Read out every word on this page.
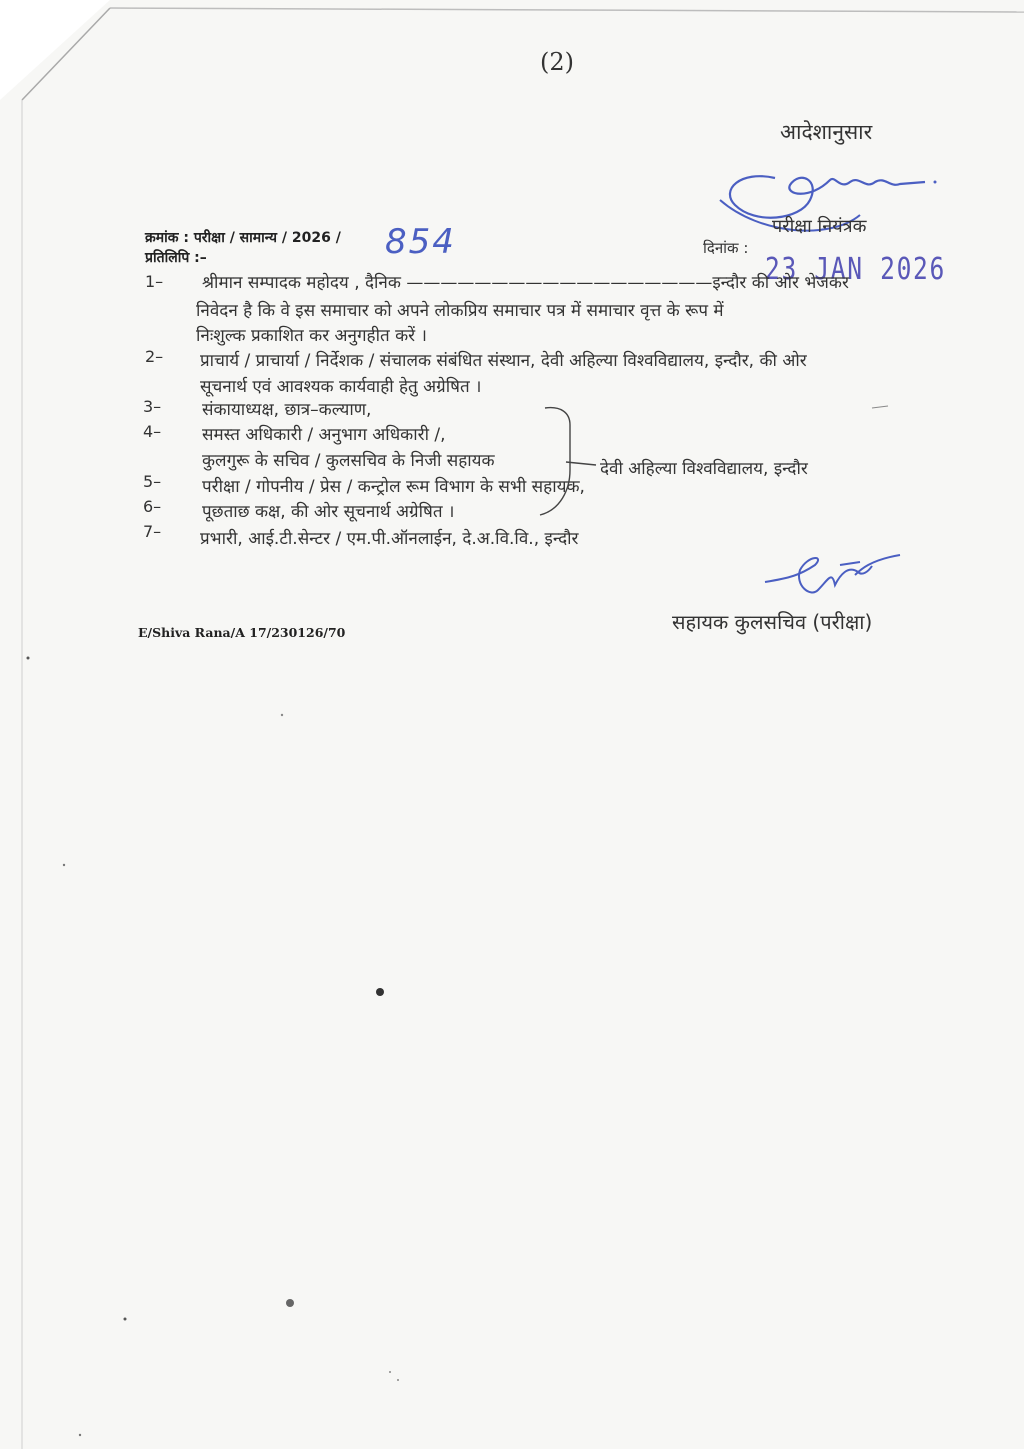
(2)
आदेशानुसार
परीक्षा नियंत्रक
क्रमांक : परीक्षा / सामान्य / 2026 / 854
प्रतिलिपि :–
दिनांक :
23 JAN 2026
1– श्रीमान सम्पादक महोदय , दैनिक ——————————————————इन्दौर की ओर भेजकर
निवेदन है कि वे इस समाचार को अपने लोकप्रिय समाचार पत्र में समाचार वृत्त के रूप में
निःशुल्क प्रकाशित कर अनुगहीत करें ।
2– प्राचार्य / प्राचार्या / निर्देशक / संचालक संबंधित संस्थान, देवी अहिल्या विश्वविद्यालय, इन्दौर, की ओर
सूचनार्थ एवं आवश्यक कार्यवाही हेतु अग्रेषित ।
3– संकायाध्यक्ष, छात्र–कल्याण,
4– समस्त अधिकारी / अनुभाग अधिकारी /,
कुलगुरू के सचिव / कुलसचिव के निजी सहायक	देवी अहिल्या विश्वविद्यालय, इन्दौर
5– परीक्षा / गोपनीय / प्रेस / कन्ट्रोल रूम विभाग के सभी सहायक,
6– पूछताछ कक्ष, की ओर सूचनार्थ अग्रेषित ।
7– प्रभारी, आई.टी.सेन्टर / एम.पी.ऑनलाईन, दे.अ.वि.वि., इन्दौर
E/Shiva Rana/A 17/230126/70	सहायक कुलसचिव (परीक्षा)
